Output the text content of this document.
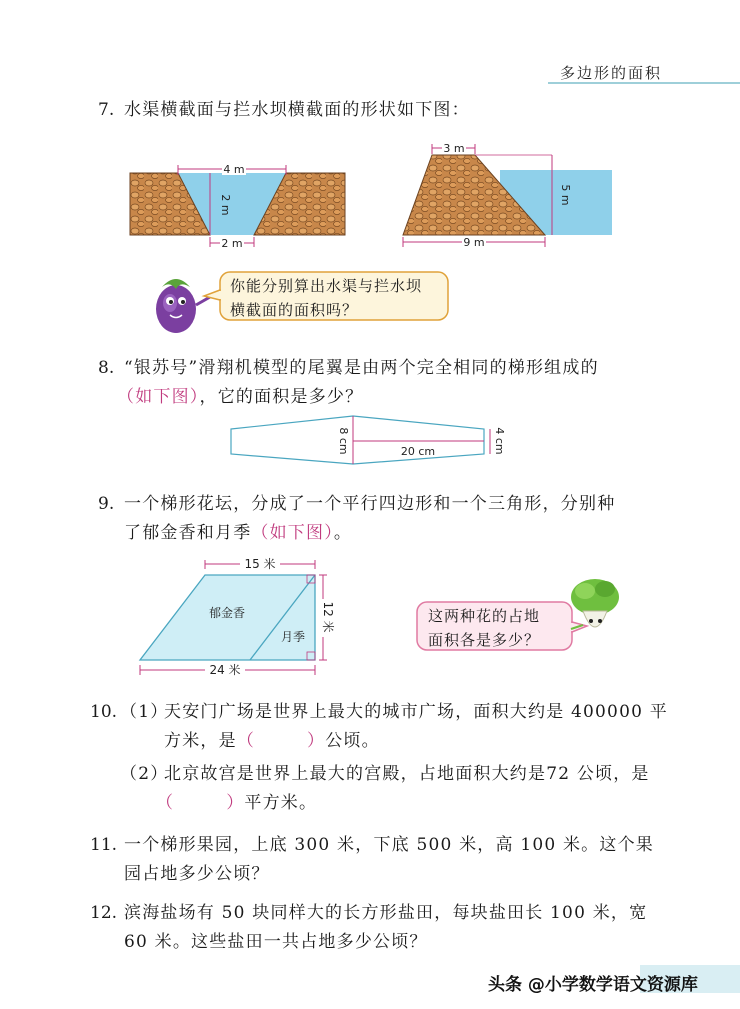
多边形的面积
7. 水渠横截面与拦水坝横截面的形状如下图：
4 m
2 m
2 m
3 m
5 m
9 m
你能分别算出水渠与拦水坝
横截面的面积吗？
8. “银苏号”滑翔机模型的尾翼是由两个完全相同的梯形组成的
（如下图），它的面积是多少？
8 cm	20 cm	4 cm
9. 一个梯形花坛，分成了一个平行四边形和一个三角形，分别种
了郁金香和月季（如下图）。
15 米
12 米
24 米
郁金香
月季
这两种花的占地
面积各是多少？
10. （1）
天安门广场是世界上最大的城市广场，面积大约是 400000 平
方米，是（	）公顷。
（2）
北京故宫是世界上最大的宫殿，占地面积大约是72 公顷，是
（	）平方米。
11. 一个梯形果园，上底 300 米，下底 500 米，高 100 米。这个果
园占地多少公顷？
12. 滨海盐场有 50 块同样大的长方形盐田，每块盐田长 100 米，宽
60 米。这些盐田一共占地多少公顷？
头条 @小学数学语文资源库
